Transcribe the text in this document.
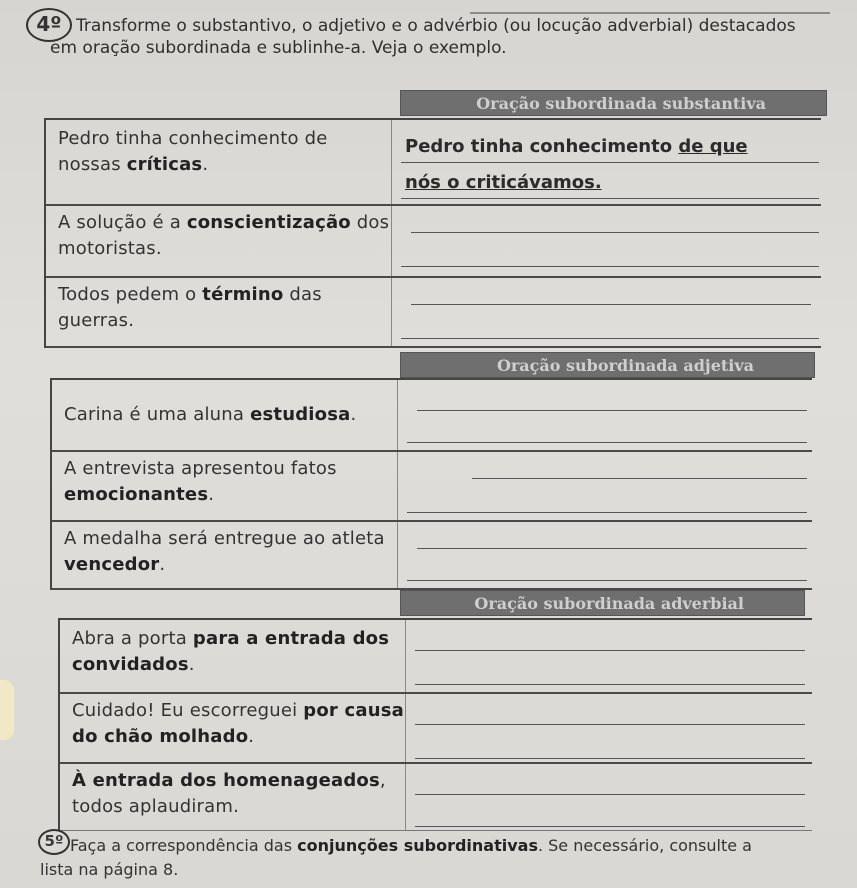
4º Transforme o substantivo, o adjetivo e o advérbio (ou locução adverbial) destacados
em oração subordinada e sublinhe-a. Veja o exemplo.
Oração subordinada substantiva
Pedro tinha conhecimento de nossas críticas.
Pedro tinha conhecimento de que
nós o criticávamos.
A solução é a conscientização dos motoristas.
Todos pedem o término das guerras.
Oração subordinada adjetiva
Carina é uma aluna estudiosa.
A entrevista apresentou fatos emocionantes.
A medalha será entregue ao atleta vencedor.
Oração subordinada adverbial
Abra a porta para a entrada dos convidados.
Cuidado! Eu escorreguei por causa do chão molhado.
À entrada dos homenageados, todos aplaudiram.
5º Faça a correspondência das conjunções subordinativas. Se necessário, consulte a
lista na página 8.
